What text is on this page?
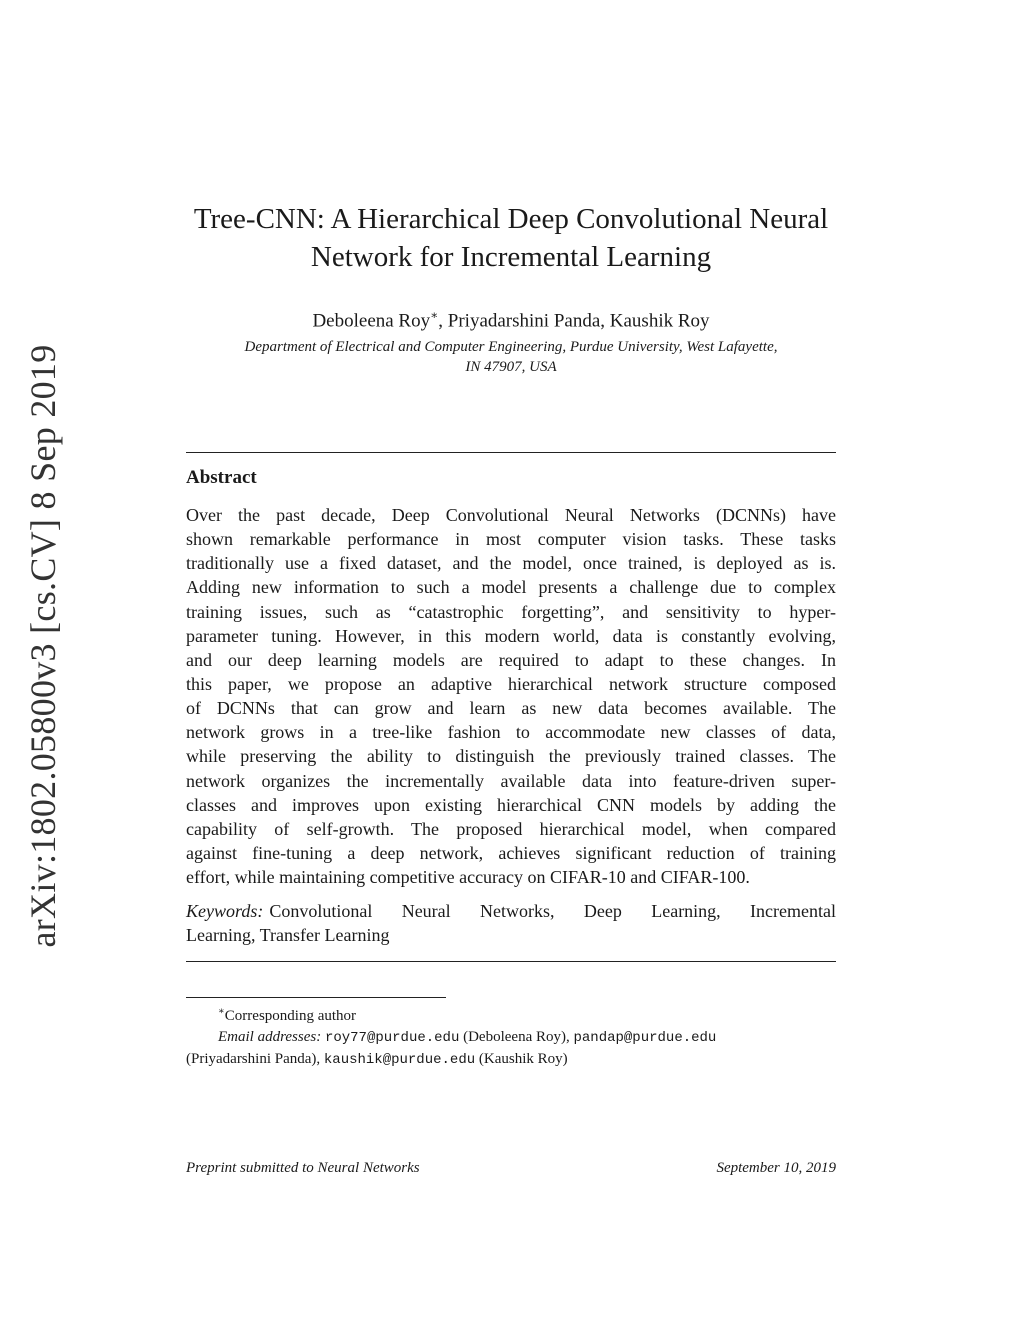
arXiv:1802.05800v3 [cs.CV] 8 Sep 2019
Tree-CNN: A Hierarchical Deep Convolutional Neural
Network for Incremental Learning
Deboleena Roy∗, Priyadarshini Panda, Kaushik Roy
Department of Electrical and Computer Engineering, Purdue University, West Lafayette,
IN 47907, USA
Abstract
Over the past decade, Deep Convolutional Neural Networks (DCNNs) have
shown remarkable performance in most computer vision tasks. These tasks
traditionally use a fixed dataset, and the model, once trained, is deployed as is.
Adding new information to such a model presents a challenge due to complex
training issues, such as “catastrophic forgetting”, and sensitivity to hyper-
parameter tuning. However, in this modern world, data is constantly evolving,
and our deep learning models are required to adapt to these changes. In
this paper, we propose an adaptive hierarchical network structure composed
of DCNNs that can grow and learn as new data becomes available. The
network grows in a tree-like fashion to accommodate new classes of data,
while preserving the ability to distinguish the previously trained classes. The
network organizes the incrementally available data into feature-driven super-
classes and improves upon existing hierarchical CNN models by adding the
capability of self-growth. The proposed hierarchical model, when compared
against fine-tuning a deep network, achieves significant reduction of training
effort, while maintaining competitive accuracy on CIFAR-10 and CIFAR-100.
Keywords: Convolutional Neural Networks, Deep Learning, Incremental
Learning, Transfer Learning
∗Corresponding author
Email addresses: roy77@purdue.edu (Deboleena Roy), pandap@purdue.edu
(Priyadarshini Panda), kaushik@purdue.edu (Kaushik Roy)
Preprint submitted to Neural Networks	September 10, 2019
